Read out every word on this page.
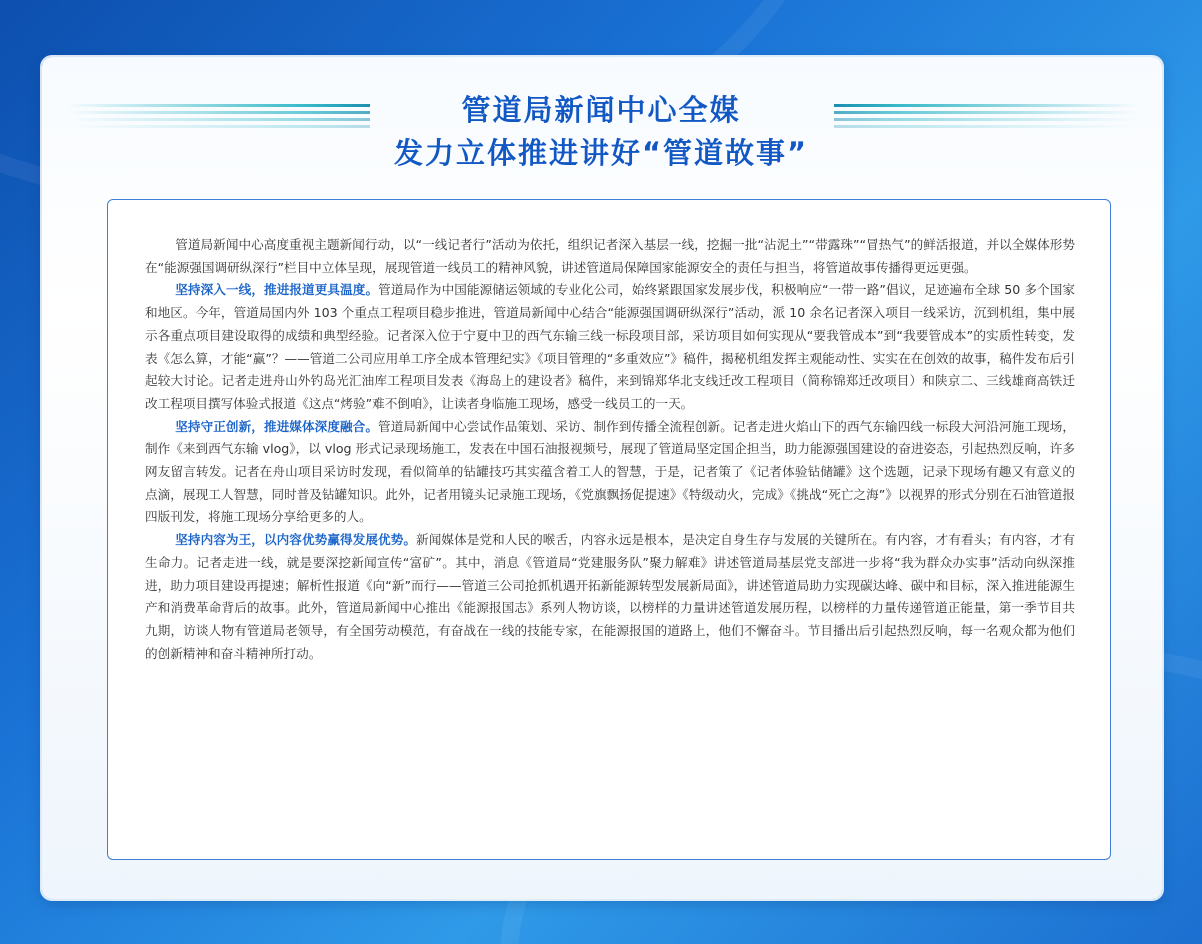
管道局新闻中心全媒
发力立体推进讲好“管道故事”

管道局新闻中心高度重视主题新闻行动，以“一线记者行”活动为依托，组织记者深入基层一线，挖掘一批“沾泥土”“带露珠”“冒热气”的鲜活报道，并以全媒体形势在“能源强国调研纵深行”栏目中立体呈现，展现管道一线员工的精神风貌，讲述管道局保障国家能源安全的责任与担当，将管道故事传播得更远更强。

坚持深入一线，推进报道更具温度。管道局作为中国能源储运领域的专业化公司，始终紧跟国家发展步伐，积极响应“一带一路”倡议，足迹遍布全球 50 多个国家和地区。今年，管道局国内外 103 个重点工程项目稳步推进，管道局新闻中心结合“能源强国调研纵深行”活动，派 10 余名记者深入项目一线采访，沉到机组，集中展示各重点项目建设取得的成绩和典型经验。记者深入位于宁夏中卫的西气东输三线一标段项目部，采访项目如何实现从“要我管成本”到“我要管成本”的实质性转变，发表《怎么算，才能“赢”？——管道二公司应用单工序全成本管理纪实》《项目管理的“多重效应”》稿件，揭秘机组发挥主观能动性、实实在在创效的故事，稿件发布后引起较大讨论。记者走进舟山外钓岛光汇油库工程项目发表《海岛上的建设者》稿件，来到锦郑华北支线迁改工程项目（简称锦郑迁改项目）和陕京二、三线雄商高铁迁改工程项目撰写体验式报道《这点“烤验”难不倒咱》，让读者身临施工现场，感受一线员工的一天。

坚持守正创新，推进媒体深度融合。管道局新闻中心尝试作品策划、采访、制作到传播全流程创新。记者走进火焰山下的西气东输四线一标段大河沿河施工现场，制作《来到西气东输 vlog》，以 vlog 形式记录现场施工，发表在中国石油报视频号，展现了管道局坚定国企担当，助力能源强国建设的奋进姿态，引起热烈反响，许多网友留言转发。记者在舟山项目采访时发现，看似简单的钻罐技巧其实蕴含着工人的智慧，于是，记者策了《记者体验钻储罐》这个选题，记录下现场有趣又有意义的点滴，展现工人智慧，同时普及钻罐知识。此外，记者用镜头记录施工现场，《党旗飘扬促提速》《特级动火，完成》《挑战“死亡之海”》以视界的形式分别在石油管道报四版刊发，将施工现场分享给更多的人。

坚持内容为王，以内容优势赢得发展优势。新闻媒体是党和人民的喉舌，内容永远是根本，是决定自身生存与发展的关键所在。有内容，才有看头；有内容，才有生命力。记者走进一线，就是要深挖新闻宣传“富矿”。其中，消息《管道局“党建服务队”聚力解难》讲述管道局基层党支部进一步将“我为群众办实事”活动向纵深推进，助力项目建设再提速；解析性报道《向“新”而行——管道三公司抢抓机遇开拓新能源转型发展新局面》，讲述管道局助力实现碳达峰、碳中和目标，深入推进能源生产和消费革命背后的故事。此外，管道局新闻中心推出《能源报国志》系列人物访谈，以榜样的力量讲述管道发展历程，以榜样的力量传递管道正能量，第一季节目共九期，访谈人物有管道局老领导，有全国劳动模范，有奋战在一线的技能专家，在能源报国的道路上，他们不懈奋斗。节目播出后引起热烈反响，每一名观众都为他们的创新精神和奋斗精神所打动。
